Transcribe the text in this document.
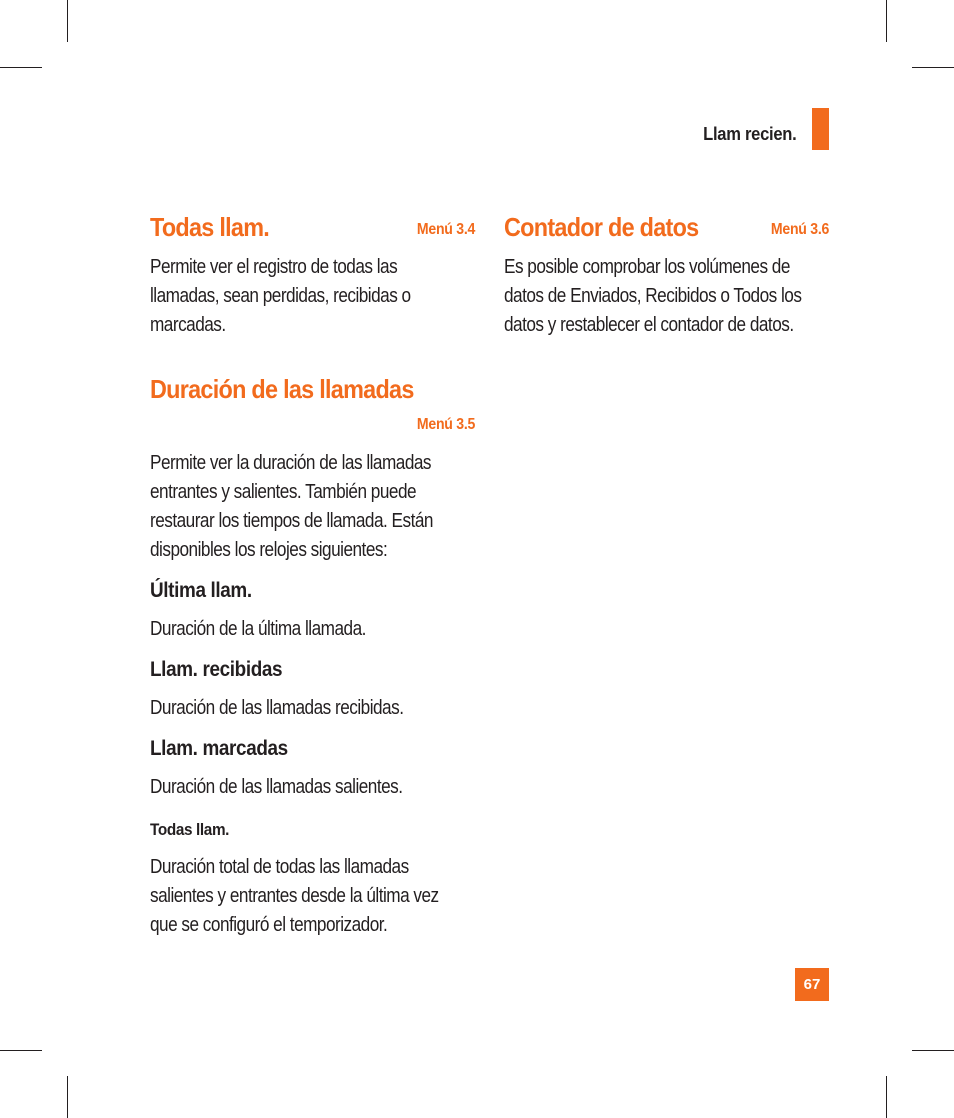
Llam recien.
Todas llam.	Menú 3.4
Permite ver el registro de todas las
llamadas, sean perdidas, recibidas o
marcadas.
Duración de las llamadas
Menú 3.5
Permite ver la duración de las llamadas
entrantes y salientes. También puede
restaurar los tiempos de llamada. Están
disponibles los relojes siguientes:
Última llam.
Duración de la última llamada.
Llam. recibidas
Duración de las llamadas recibidas.
Llam. marcadas
Duración de las llamadas salientes.
Todas llam.
Duración total de todas las llamadas
salientes y entrantes desde la última vez
que se configuró el temporizador.
Contador de datos	Menú 3.6
Es posible comprobar los volúmenes de
datos de Enviados, Recibidos o Todos los
datos y restablecer el contador de datos.
67
